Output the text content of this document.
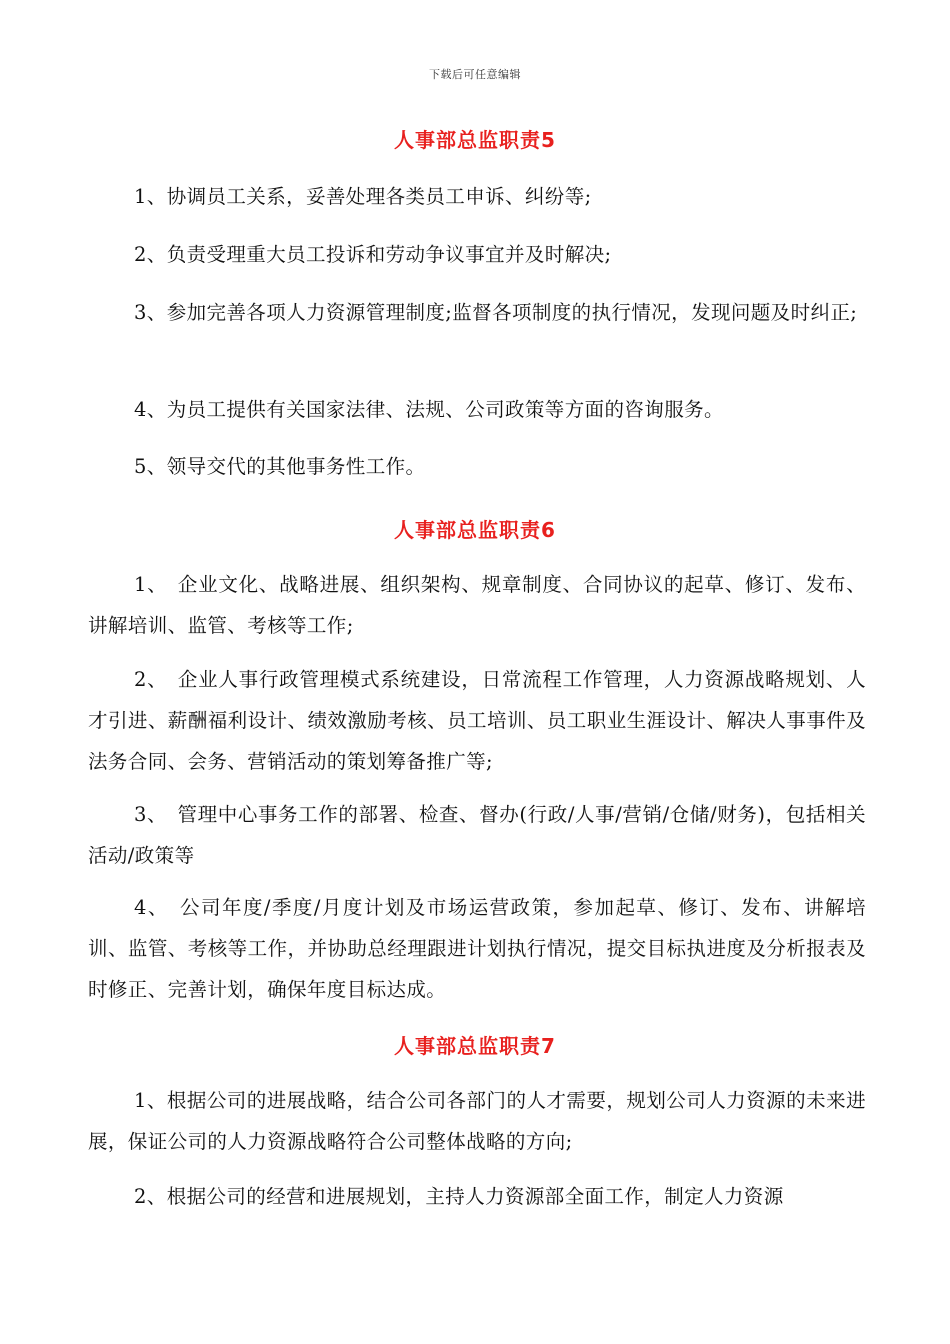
下载后可任意编辑
人事部总监职责5
1、协调员工关系，妥善处理各类员工申诉、纠纷等;
2、负责受理重大员工投诉和劳动争议事宜并及时解决;
3、参加完善各项人力资源管理制度;监督各项制度的执行情况，发现问题及时纠正;
4、为员工提供有关国家法律、法规、公司政策等方面的咨询服务。
5、领导交代的其他事务性工作。
人事部总监职责6
1、　企业文化、战略进展、组织架构、规章制度、合同协议的起草、修订、发布、讲解培训、监管、考核等工作;
2、　企业人事行政管理模式系统建设，日常流程工作管理，人力资源战略规划、人才引进、薪酬福利设计、绩效激励考核、员工培训、员工职业生涯设计、解决人事事件及法务合同、会务、营销活动的策划筹备推广等;
3、　管理中心事务工作的部署、检查、督办(行政/人事/营销/仓储/财务)，包括相关活动/政策等
4、　公司年度/季度/月度计划及市场运营政策，参加起草、修订、发布、讲解培训、监管、考核等工作，并协助总经理跟进计划执行情况，提交目标执进度及分析报表及时修正、完善计划，确保年度目标达成。
人事部总监职责7
1、根据公司的进展战略，结合公司各部门的人才需要，规划公司人力资源的未来进展，保证公司的人力资源战略符合公司整体战略的方向;
2、根据公司的经营和进展规划，主持人力资源部全面工作，制定人力资源
